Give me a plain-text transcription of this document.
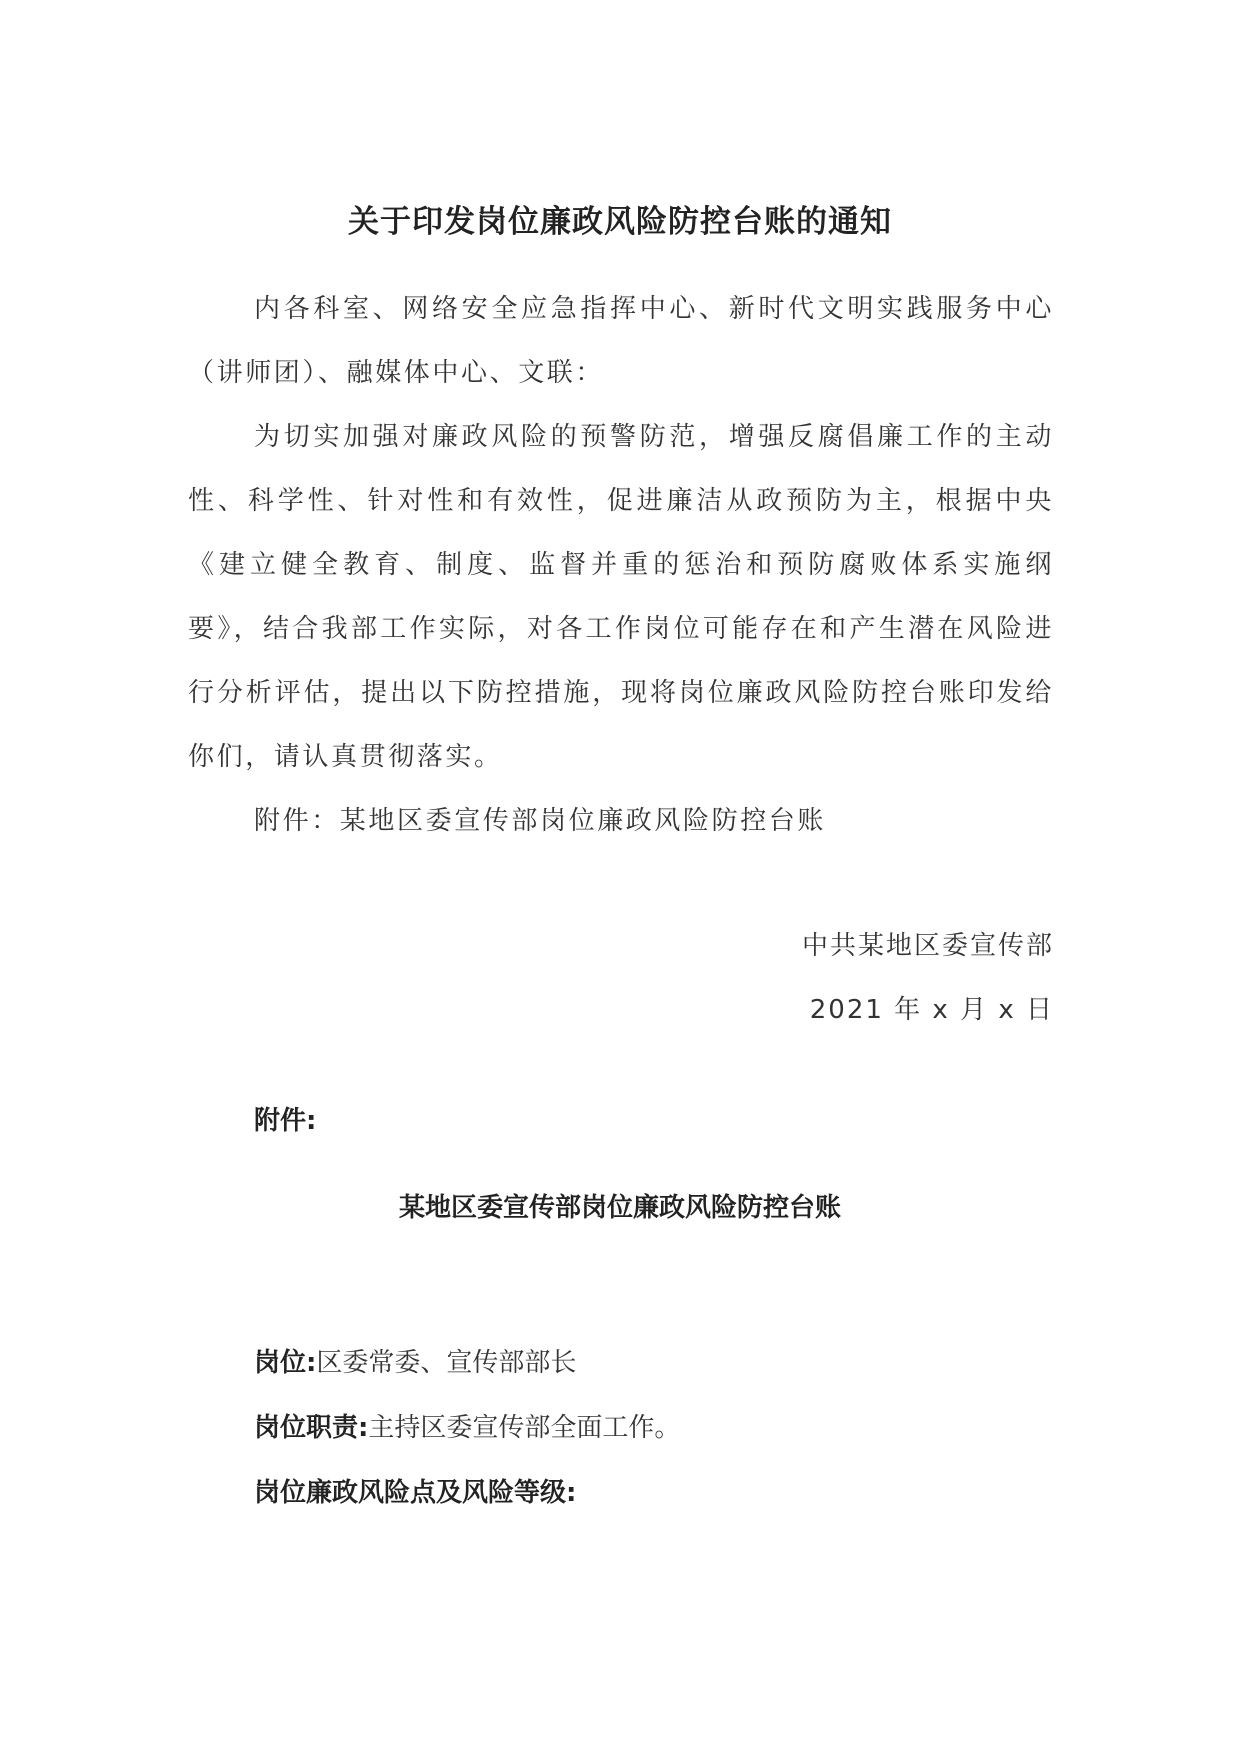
关于印发岗位廉政风险防控台账的通知

内各科室、网络安全应急指挥中心、新时代文明实践服务中心（讲师团）、融媒体中心、文联：

为切实加强对廉政风险的预警防范，增强反腐倡廉工作的主动性、科学性、针对性和有效性，促进廉洁从政预防为主，根据中央《建立健全教育、制度、监督并重的惩治和预防腐败体系实施纲要》，结合我部工作实际，对各工作岗位可能存在和产生潜在风险进行分析评估，提出以下防控措施，现将岗位廉政风险防控台账印发给你们，请认真贯彻落实。

附件：某地区委宣传部岗位廉政风险防控台账

中共某地区委宣传部
2021 年 x 月 x 日
附件:
某地区委宣传部岗位廉政风险防控台账
岗位:区委常委、宣传部部长
岗位职责:主持区委宣传部全面工作。
岗位廉政风险点及风险等级:
